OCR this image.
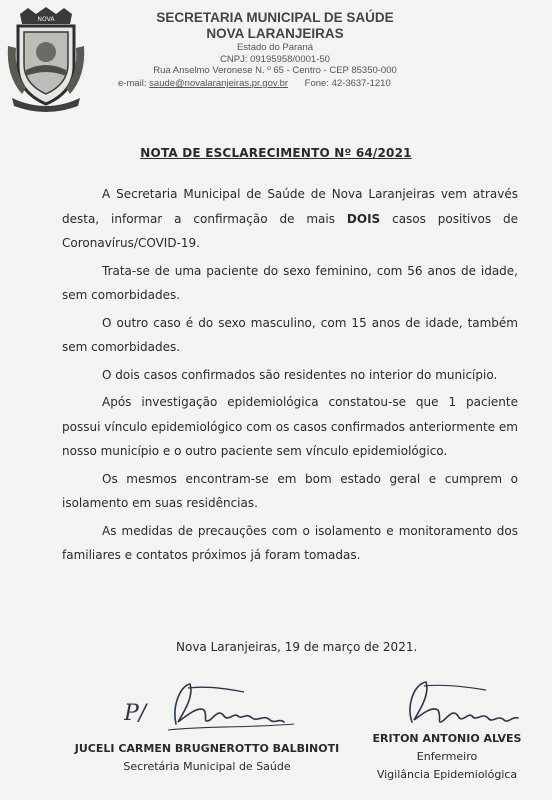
NOVA	SECRETARIA MUNICIPAL DE SAÚDE
NOVA LARANJEIRAS
Estado do Paraná
CNPJ: 09195958/0001-50
Rua Anselmo Veronese N. º 65 - Centro - CEP 85350-000
e-mail: saude@novalaranjeiras.pr.gov.br Fone: 42-3637-1210
NOTA DE ESCLARECIMENTO Nº 64/2021

A Secretaria Municipal de Saúde de Nova Laranjeiras vem através desta, informar a confirmação de mais DOIS casos positivos de Coronavírus/COVID-19.

Trata-se de uma paciente do sexo feminino, com 56 anos de idade, sem comorbidades.

O outro caso é do sexo masculino, com 15 anos de idade, também sem comorbidades.

O dois casos confirmados são residentes no interior do município.

Após investigação epidemiológica constatou-se que 1 paciente possui vínculo epidemiológico com os casos confirmados anteriormente em nosso município e o outro paciente sem vínculo epidemiológico.

Os mesmos encontram-se em bom estado geral e cumprem o isolamento em suas residências.

As medidas de precauções com o isolamento e monitoramento dos familiares e contatos próximos já foram tomadas.

Nova Laranjeiras, 19 de março de 2021.
P/
JUCELI CARMEN BRUGNEROTTO BALBINOTI
Secretária Municipal de Saúde
ERITON ANTONIO ALVES
Enfermeiro
Vigilância Epidemiológica
